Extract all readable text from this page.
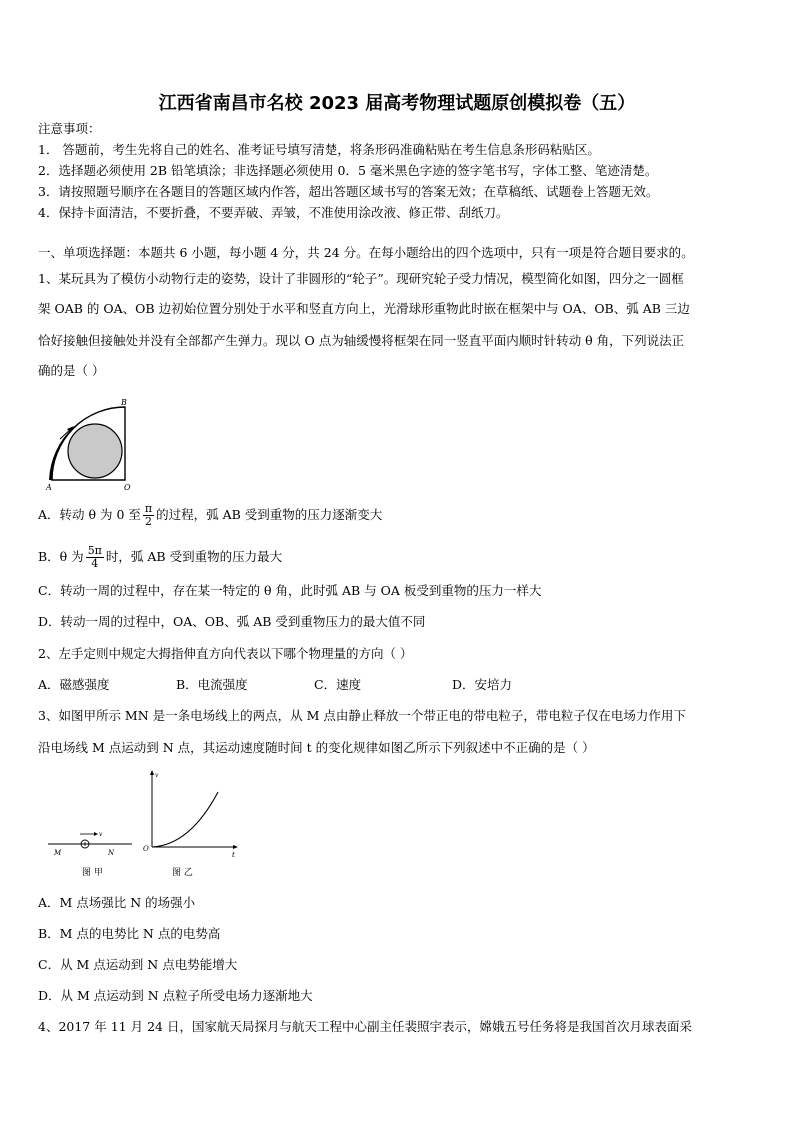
江西省南昌市名校 2023 届高考物理试题原创模拟卷（五）
注意事项：
1． 答题前，考生先将自己的姓名、准考证号填写清楚，将条形码准确粘贴在考生信息条形码粘贴区。
2．选择题必须使用 2B 铅笔填涂；非选择题必须使用 0．5 毫米黑色字迹的签字笔书写，字体工整、笔迹清楚。
3．请按照题号顺序在各题目的答题区域内作答，超出答题区域书写的答案无效；在草稿纸、试题卷上答题无效。
4．保持卡面清洁，不要折叠，不要弄破、弄皱，不准使用涂改液、修正带、刮纸刀。
一、单项选择题：本题共 6 小题，每小题 4 分，共 24 分。在每小题给出的四个选项中，只有一项是符合题目要求的。
1、某玩具为了模仿小动物行走的姿势，设计了非圆形的“轮子”。现研究轮子受力情况，模型简化如图，四分之一圆框
架 OAB 的 OA、OB 边初始位置分别处于水平和竖直方向上，光滑球形重物此时嵌在框架中与 OA、OB、弧 AB 三边
恰好接触但接触处并没有全部都产生弹力。现以 O 点为轴缓慢将框架在同一竖直平面内顺时针转动 θ 角，下列说法正
确的是（ ）
B
A	O
A．转动 θ 为 0 至 $\frac{\pi}{2}$ 的过程，弧 AB 受到重物的压力逐渐变大
B．θ 为 $\frac{5\pi}{4}$ 时，弧 AB 受到重物的压力最大
C．转动一周的过程中，存在某一特定的 θ 角，此时弧 AB 与 OA 板受到重物的压力一样大
D．转动一周的过程中，OA、OB、弧 AB 受到重物压力的最大值不同
2、左手定则中规定大拇指伸直方向代表以下哪个物理量的方向（ ）
A．磁感强度	B．电流强度	C．速度	D．安培力
3、如图甲所示 MN 是一条电场线上的两点，从 M 点由静止释放一个带正电的带电粒子，带电粒子仅在电场力作用下
沿电场线 M 点运动到 N 点，其运动速度随时间 t 的变化规律如图乙所示下列叙述中不正确的是（ ）
v
M	N
图 甲
v
O
t
图 乙
A．M 点场强比 N 的场强小
B．M 点的电势比 N 点的电势高
C．从 M 点运动到 N 点电势能增大
D．从 M 点运动到 N 点粒子所受电场力逐渐地大
4、2017 年 11 月 24 日，国家航天局探月与航天工程中心副主任裴照宇表示，嫦娥五号任务将是我国首次月球表面采
